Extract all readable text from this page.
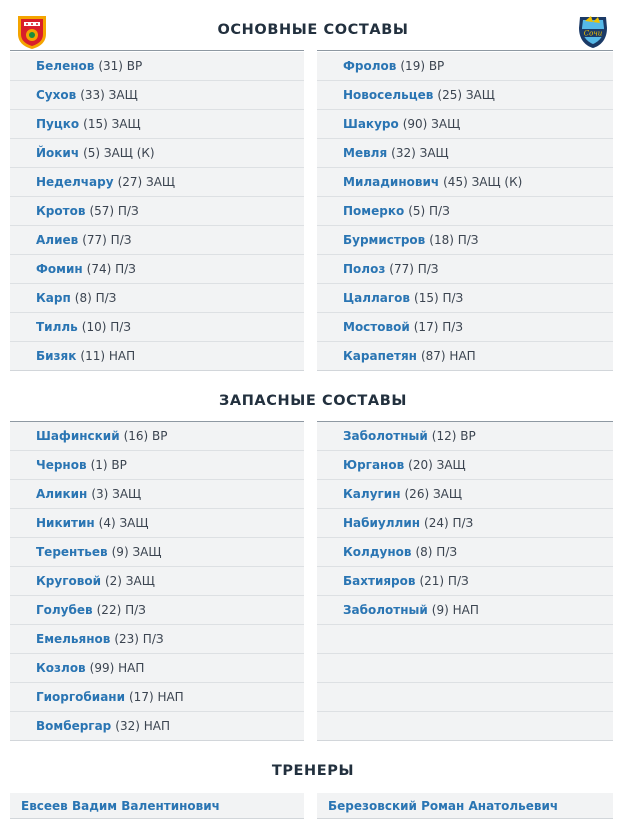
Сочи
ОСНОВНЫЕ СОСТАВЫ
ЗАПАСНЫЕ СОСТАВЫ
ТРЕНЕРЫ
Беленов (31) ВР
Сухов (33) ЗАЩ
Пуцко (15) ЗАЩ
Йокич (5) ЗАЩ (К)
Неделчару (27) ЗАЩ
Кротов (57) П/З
Алиев (77) П/З
Фомин (74) П/З
Карп (8) П/З
Тилль (10) П/З
Бизяк (11) НАП
Фролов (19) ВР
Новосельцев (25) ЗАЩ
Шакуро (90) ЗАЩ
Мевля (32) ЗАЩ
Миладинович (45) ЗАЩ (К)
Померко (5) П/З
Бурмистров (18) П/З
Полоз (77) П/З
Цаллагов (15) П/З
Мостовой (17) П/З
Карапетян (87) НАП
Шафинский (16) ВР
Чернов (1) ВР
Аликин (3) ЗАЩ
Никитин (4) ЗАЩ
Терентьев (9) ЗАЩ
Круговой (2) ЗАЩ
Голубев (22) П/З
Емельянов (23) П/З
Козлов (99) НАП
Гиоргобиани (17) НАП
Вомбергар (32) НАП
Заболотный (12) ВР
Юрганов (20) ЗАЩ
Калугин (26) ЗАЩ
Набиуллин (24) П/З
Колдунов (8) П/З
Бахтияров (21) П/З
Заболотный (9) НАП
Евсеев Вадим Валентинович	Березовский Роман Анатольевич
